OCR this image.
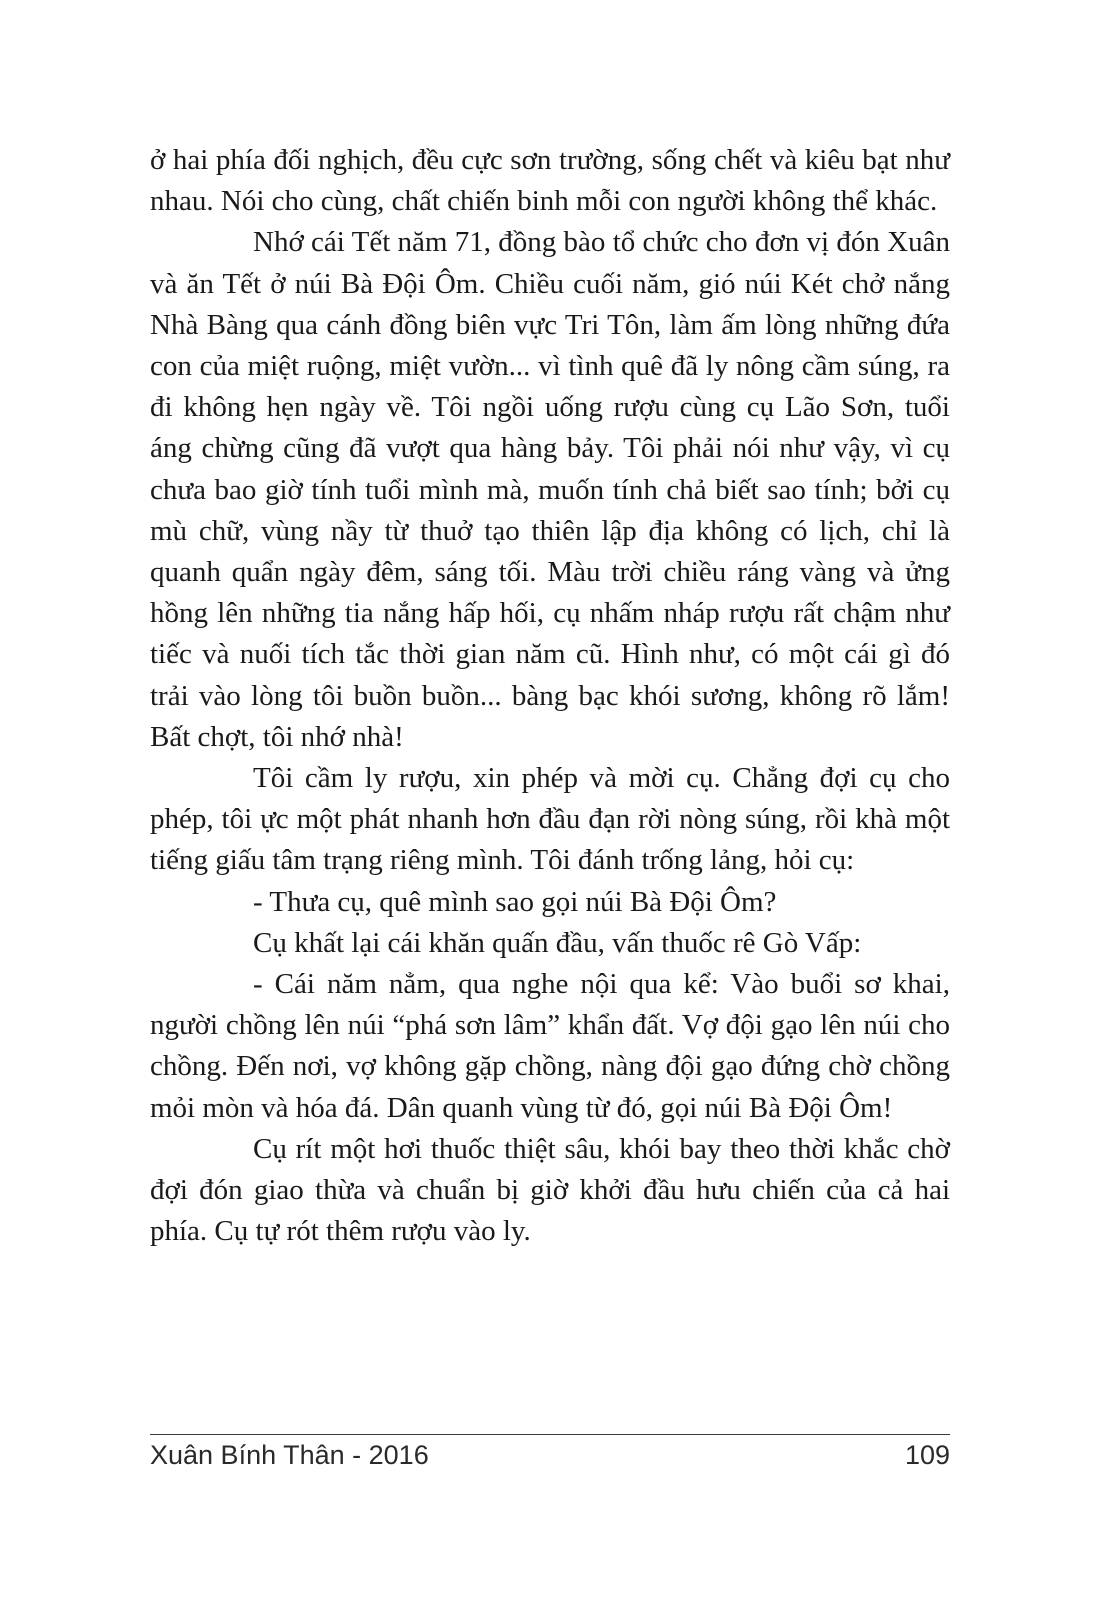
ở hai phía đối nghịch, đều cực sơn trường, sống chết và kiêu bạt như nhau. Nói cho cùng, chất chiến binh mỗi con người không thể khác.

Nhớ cái Tết năm 71, đồng bào tổ chức cho đơn vị đón Xuân và ăn Tết ở núi Bà Đội Ôm. Chiều cuối năm, gió núi Két chở nắng Nhà Bàng qua cánh đồng biên vực Tri Tôn, làm ấm lòng những đứa con của miệt ruộng, miệt vườn... vì tình quê đã ly nông cầm súng, ra đi không hẹn ngày về. Tôi ngồi uống rượu cùng cụ Lão Sơn, tuổi áng chừng cũng đã vượt qua hàng bảy. Tôi phải nói như vậy, vì cụ chưa bao giờ tính tuổi mình mà, muốn tính chả biết sao tính; bởi cụ mù chữ, vùng nầy từ thuở tạo thiên lập địa không có lịch, chỉ là quanh quẩn ngày đêm, sáng tối. Màu trời chiều ráng vàng và ửng hồng lên những tia nắng hấp hối, cụ nhấm nháp rượu rất chậm như tiếc và nuối tích tắc thời gian năm cũ. Hình như, có một cái gì đó trải vào lòng tôi buồn buồn... bàng bạc khói sương, không rõ lắm! Bất chợt, tôi nhớ nhà!

Tôi cầm ly rượu, xin phép và mời cụ. Chẳng đợi cụ cho phép, tôi ực một phát nhanh hơn đầu đạn rời nòng súng, rồi khà một tiếng giấu tâm trạng riêng mình. Tôi đánh trống lảng, hỏi cụ:

- Thưa cụ, quê mình sao gọi núi Bà Đội Ôm?

Cụ khất lại cái khăn quấn đầu, vấn thuốc rê Gò Vấp:

- Cái năm nẳm, qua nghe nội qua kể: Vào buổi sơ khai, người chồng lên núi “phá sơn lâm” khẩn đất. Vợ đội gạo lên núi cho chồng. Đến nơi, vợ không gặp chồng, nàng đội gạo đứng chờ chồng mỏi mòn và hóa đá. Dân quanh vùng từ đó, gọi núi Bà Đội Ôm!

Cụ rít một hơi thuốc thiệt sâu, khói bay theo thời khắc chờ đợi đón giao thừa và chuẩn bị giờ khởi đầu hưu chiến của cả hai phía. Cụ tự rót thêm rượu vào ly.

Xuân Bính Thân - 2016	109
